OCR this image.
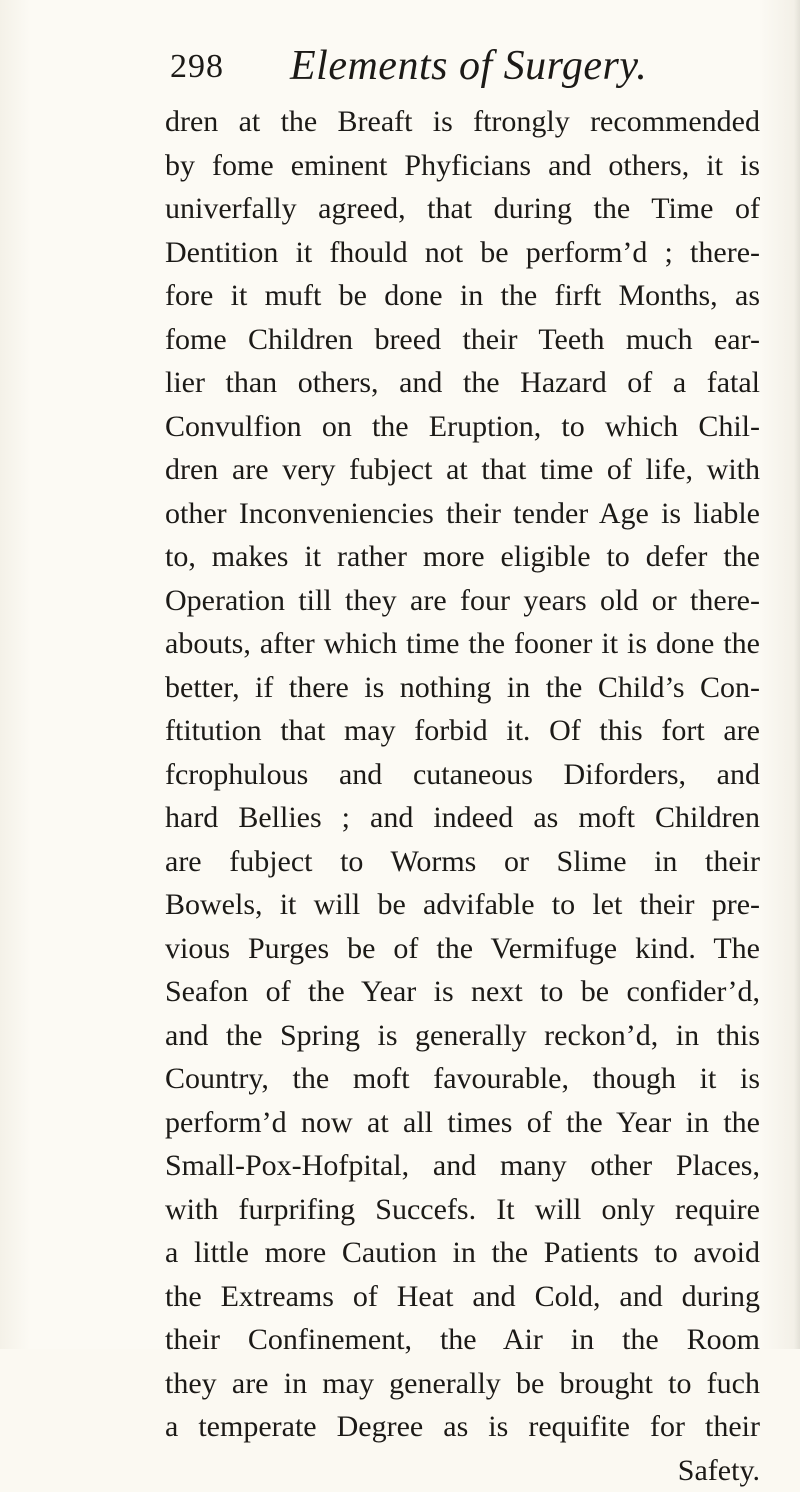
298 Elements of Surgery.
dren at the Breaft is ftrongly recommended
by fome eminent Phyficians and others, it is
univerfally agreed, that during the Time of
Dentition it fhould not be perform’d ; there-
fore it muft be done in the firft Months, as
fome Children breed their Teeth much ear-
lier than others, and the Hazard of a fatal
Convulfion on the Eruption, to which Chil-
dren are very fubject at that time of life, with
other Inconveniencies their tender Age is liable
to, makes it rather more eligible to defer the
Operation till they are four years old or there-
abouts, after which time the fooner it is done the
better, if there is nothing in the Child’s Con-
ftitution that may forbid it. Of this fort are
fcrophulous and cutaneous Diforders, and
hard Bellies ; and indeed as moft Children
are fubject to Worms or Slime in their
Bowels, it will be advifable to let their pre-
vious Purges be of the Vermifuge kind. The
Seafon of the Year is next to be confider’d,
and the Spring is generally reckon’d, in this
Country, the moft favourable, though it is
perform’d now at all times of the Year in the
Small-Pox-Hofpital, and many other Places,
with furprifing Succefs. It will only require
a little more Caution in the Patients to avoid
the Extreams of Heat and Cold, and during
their Confinement, the Air in the Room
they are in may generally be brought to fuch
a temperate Degree as is requifite for their
Safety.
